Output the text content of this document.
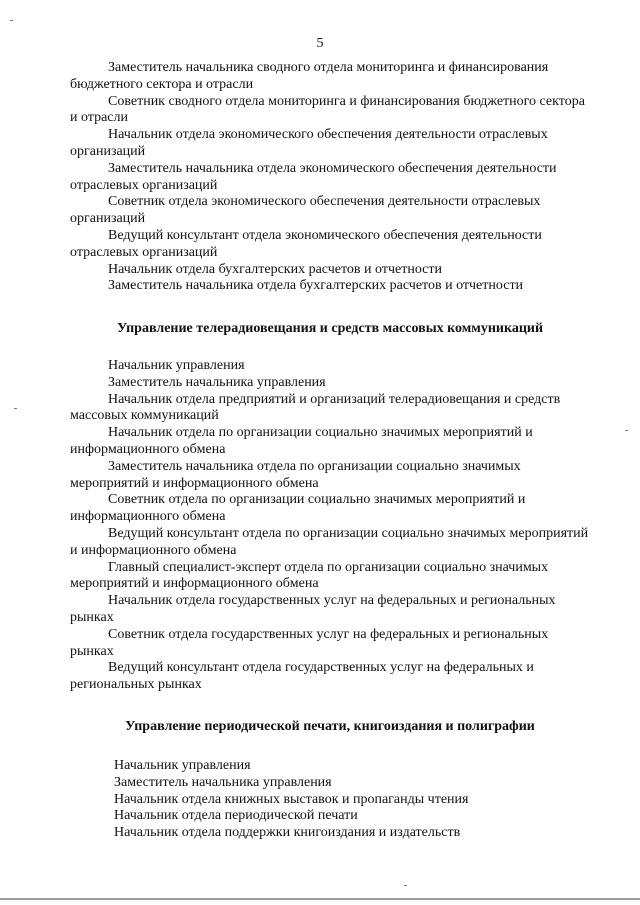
5

Заместитель начальника сводного отдела мониторинга и финансирования бюджетного сектора и отрасли

Советник сводного отдела мониторинга и финансирования бюджетного сектора и отрасли

Начальник отдела экономического обеспечения деятельности отраслевых организаций

Заместитель начальника отдела экономического обеспечения деятельности отраслевых организаций

Советник отдела экономического обеспечения деятельности отраслевых организаций

Ведущий консультант отдела экономического обеспечения деятельности отраслевых организаций

Начальник отдела бухгалтерских расчетов и отчетности

Заместитель начальника отдела бухгалтерских расчетов и отчетности

Управление телерадиовещания и средств массовых коммуникаций

Начальник управления

Заместитель начальника управления

Начальник отдела предприятий и организаций телерадиовещания и средств массовых коммуникаций

Начальник отдела по организации социально значимых мероприятий и информационного обмена

Заместитель начальника отдела по организации социально значимых мероприятий и информационного обмена

Советник отдела по организации социально значимых мероприятий и информационного обмена

Ведущий консультант отдела по организации социально значимых мероприятий и информационного обмена

Главный специалист-эксперт отдела по организации социально значимых мероприятий и информационного обмена

Начальник отдела государственных услуг на федеральных и региональных рынках

Советник отдела государственных услуг на федеральных и региональных рынках

Ведущий консультант отдела государственных услуг на федеральных и региональных рынках

Управление периодической печати, книгоиздания и полиграфии

Начальник управления

Заместитель начальника управления

Начальник отдела книжных выставок и пропаганды чтения

Начальник отдела периодической печати

Начальник отдела поддержки книгоиздания и издательств
